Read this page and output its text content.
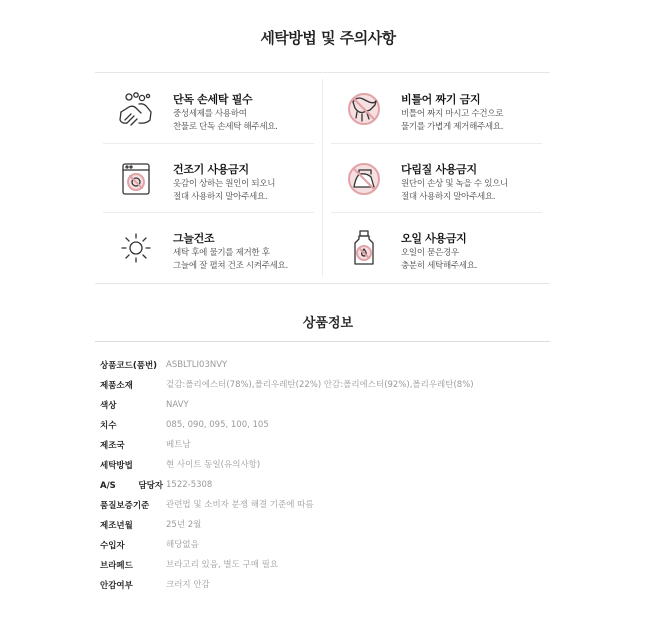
세탁방법 및 주의사항
단독 손세탁 필수
중성세제를 사용하여
찬물로 단독 손세탁 해주세요.
비틀어 짜기 금지
비틀어 짜지 마시고 수건으로
물기를 가볍게 제거해주세요.
건조기 사용금지
옷감이 상하는 원인이 되오니
절대 사용하지 말아주세요.
다림질 사용금지
원단이 손상 및 녹을 수 있으니
절대 사용하지 말아주세요.
그늘건조
세탁 후에 물기를 제거한 후
그늘에 잘 펼쳐 건조 시켜주세요.
오일 사용금지
오일이 묻은경우
충분히 세탁해주세요.
상품정보
상품코드(품번)	ASBLTLI03NVY
제품소재	겉감:폴리에스터(78%),폴리우레탄(22%) 안감:폴리에스터(92%),폴리우레탄(8%)
색상	NAVY
치수	085, 090, 095, 100, 105
제조국	베트남
세탁방법	현 사이트 동일(유의사항)
A/S 담당자 1522-5308
품질보증기준	관련법 및 소비자 분쟁 해결 기준에 따름
제조년월	25년 2월
수입자	해당없음
브라페드	브라고리 있음, 별도 구매 필요
안감여부	크러지 안감
